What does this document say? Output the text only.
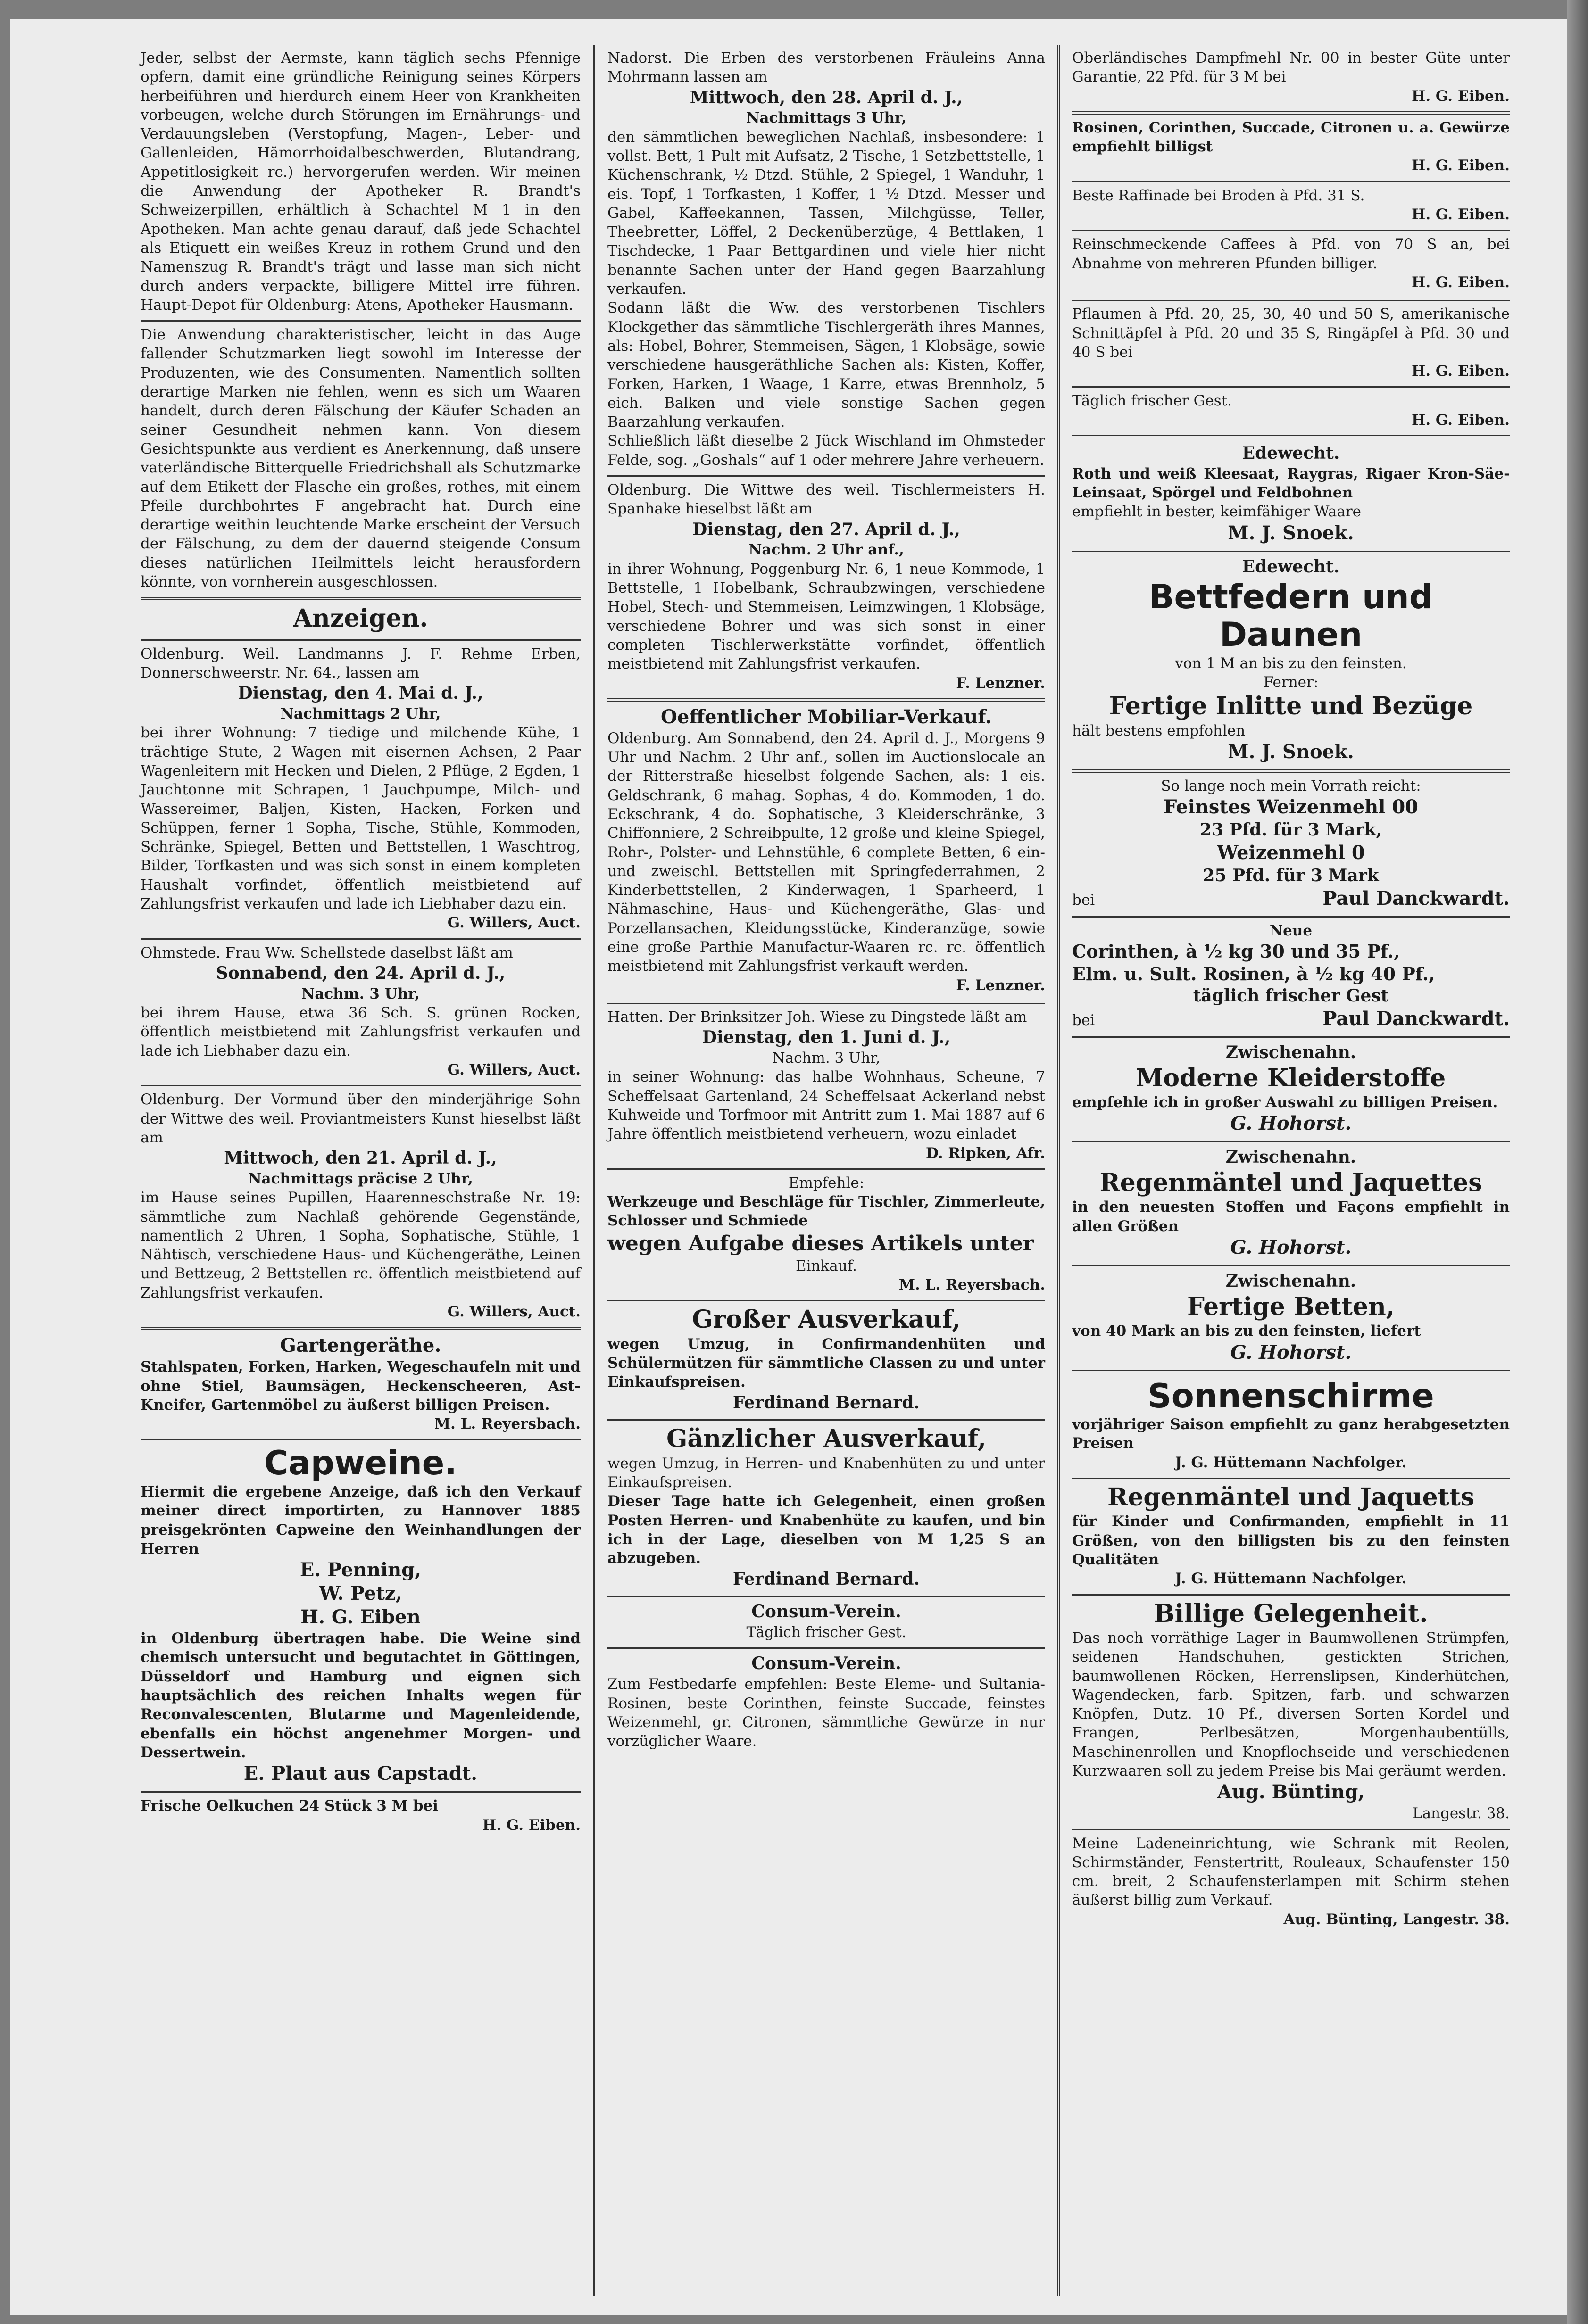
Jeder, selbst der Aermste, kann täglich sechs Pfennige opfern, damit eine gründliche Reinigung seines Körpers herbeiführen und hierdurch einem Heer von Krankheiten vorbeugen, welche durch Störungen im Ernährungs- und Verdauungsleben (Verstopfung, Magen-, Leber- und Gallenleiden, Hämorrhoidalbeschwerden, Blutandrang, Appetitlosigkeit rc.) hervorgerufen werden. Wir meinen die Anwendung der Apotheker R. Brandt's Schweizerpillen, erhältlich à Schachtel M 1 in den Apotheken. Man achte genau darauf, daß jede Schachtel als Etiquett ein weißes Kreuz in rothem Grund und den Namenszug R. Brandt's trägt und lasse man sich nicht durch anders verpackte, billigere Mittel irre führen. Haupt-Depot für Oldenburg: Atens, Apotheker Hausmann.

Die Anwendung charakteristischer, leicht in das Auge fallender Schutzmarken liegt sowohl im Interesse der Produzenten, wie des Consumenten. Namentlich sollten derartige Marken nie fehlen, wenn es sich um Waaren handelt, durch deren Fälschung der Käufer Schaden an seiner Gesundheit nehmen kann. Von diesem Gesichtspunkte aus verdient es Anerkennung, daß unsere vaterländische Bitterquelle Friedrichshall als Schutzmarke auf dem Etikett der Flasche ein großes, rothes, mit einem Pfeile durchbohrtes F angebracht hat. Durch eine derartige weithin leuchtende Marke erscheint der Versuch der Fälschung, zu dem der dauernd steigende Consum dieses natürlichen Heilmittels leicht herausfordern könnte, von vornherein ausgeschlossen.

Anzeigen.

Oldenburg. Weil. Landmanns J. F. Rehme Erben, Donnerschweerstr. Nr. 64., lassen am

Dienstag, den 4. Mai d. J.,
Nachmittags 2 Uhr,

bei ihrer Wohnung: 7 tiedige und milchende Kühe, 1 trächtige Stute, 2 Wagen mit eisernen Achsen, 2 Paar Wagenleitern mit Hecken und Dielen, 2 Pflüge, 2 Egden, 1 Jauchtonne mit Schrapen, 1 Jauchpumpe, Milch- und Wassereimer, Baljen, Kisten, Hacken, Forken und Schüppen, ferner 1 Sopha, Tische, Stühle, Kommoden, Schränke, Spiegel, Betten und Bettstellen, 1 Waschtrog, Bilder, Torfkasten und was sich sonst in einem kompleten Haushalt vorfindet, öffentlich meistbietend auf Zahlungsfrist verkaufen und lade ich Liebhaber dazu ein.

G. Willers, Auct.

Ohmstede. Frau Ww. Schellstede daselbst läßt am

Sonnabend, den 24. April d. J.,
Nachm. 3 Uhr,

bei ihrem Hause, etwa 36 Sch. S. grünen Rocken, öffentlich meistbietend mit Zahlungsfrist verkaufen und lade ich Liebhaber dazu ein.

G. Willers, Auct.

Oldenburg. Der Vormund über den minderjährige Sohn der Wittwe des weil. Proviantmeisters Kunst hieselbst läßt am

Mittwoch, den 21. April d. J.,
Nachmittags präcise 2 Uhr,

im Hause seines Pupillen, Haarenneschstraße Nr. 19: sämmtliche zum Nachlaß gehörende Gegenstände, namentlich 2 Uhren, 1 Sopha, Sophatische, Stühle, 1 Nähtisch, verschiedene Haus- und Küchengeräthe, Leinen und Bettzeug, 2 Bettstellen rc. öffentlich meistbietend auf Zahlungsfrist verkaufen.

G. Willers, Auct.
Gartengeräthe.

Stahlspaten, Forken, Harken, Wegeschaufeln mit und ohne Stiel, Baumsägen, Heckenscheeren, Ast-Kneifer, Gartenmöbel zu äußerst billigen Preisen.

M. L. Reyersbach.
Capweine.

Hiermit die ergebene Anzeige, daß ich den Verkauf meiner direct importirten, zu Hannover 1885 preisgekrönten Capweine den Weinhandlungen der Herren

E. Penning,
W. Petz,
H. G. Eiben

in Oldenburg übertragen habe. Die Weine sind chemisch untersucht und begutachtet in Göttingen, Düsseldorf und Hamburg und eignen sich hauptsächlich des reichen Inhalts wegen für Reconvalescenten, Blutarme und Magenleidende, ebenfalls ein höchst angenehmer Morgen- und Dessertwein.

E. Plaut aus Capstadt.

Frische Oelkuchen 24 Stück 3 M bei

H. G. Eiben.

Nadorst. Die Erben des verstorbenen Fräuleins Anna Mohrmann lassen am

Mittwoch, den 28. April d. J.,
Nachmittags 3 Uhr,

den sämmtlichen beweglichen Nachlaß, insbesondere: 1 vollst. Bett, 1 Pult mit Aufsatz, 2 Tische, 1 Setzbettstelle, 1 Küchenschrank, ½ Dtzd. Stühle, 2 Spiegel, 1 Wanduhr, 1 eis. Topf, 1 Torfkasten, 1 Koffer, 1 ½ Dtzd. Messer und Gabel, Kaffeekannen, Tassen, Milchgüsse, Teller, Theebretter, Löffel, 2 Deckenüberzüge, 4 Bettlaken, 1 Tischdecke, 1 Paar Bettgardinen und viele hier nicht benannte Sachen unter der Hand gegen Baarzahlung verkaufen.

Sodann läßt die Ww. des verstorbenen Tischlers Klockgether das sämmtliche Tischlergeräth ihres Mannes, als: Hobel, Bohrer, Stemmeisen, Sägen, 1 Klobsäge, sowie verschiedene hausgeräthliche Sachen als: Kisten, Koffer, Forken, Harken, 1 Waage, 1 Karre, etwas Brennholz, 5 eich. Balken und viele sonstige Sachen gegen Baarzahlung verkaufen.

Schließlich läßt dieselbe 2 Jück Wischland im Ohmsteder Felde, sog. „Goshals“ auf 1 oder mehrere Jahre verheuern.

Oldenburg. Die Wittwe des weil. Tischlermeisters H. Spanhake hieselbst läßt am

Dienstag, den 27. April d. J.,
Nachm. 2 Uhr anf.,

in ihrer Wohnung, Poggenburg Nr. 6, 1 neue Kommode, 1 Bettstelle, 1 Hobelbank, Schraubzwingen, verschiedene Hobel, Stech- und Stemmeisen, Leimzwingen, 1 Klobsäge, verschiedene Bohrer und was sich sonst in einer completen Tischlerwerkstätte vorfindet, öffentlich meistbietend mit Zahlungsfrist verkaufen.

F. Lenzner.
Oeffentlicher Mobiliar-Verkauf.

Oldenburg. Am Sonnabend, den 24. April d. J., Morgens 9 Uhr und Nachm. 2 Uhr anf., sollen im Auctionslocale an der Ritterstraße hieselbst folgende Sachen, als: 1 eis. Geldschrank, 6 mahag. Sophas, 4 do. Kommoden, 1 do. Eckschrank, 4 do. Sophatische, 3 Kleiderschränke, 3 Chiffonniere, 2 Schreibpulte, 12 große und kleine Spiegel, Rohr-, Polster- und Lehnstühle, 6 complete Betten, 6 ein- und zweischl. Bettstellen mit Springfederrahmen, 2 Kinderbettstellen, 2 Kinderwagen, 1 Sparheerd, 1 Nähmaschine, Haus- und Küchengeräthe, Glas- und Porzellansachen, Kleidungsstücke, Kinderanzüge, sowie eine große Parthie Manufactur-Waaren rc. rc. öffentlich meistbietend mit Zahlungsfrist verkauft werden.

F. Lenzner.

Hatten. Der Brinksitzer Joh. Wiese zu Dingstede läßt am

Dienstag, den 1. Juni d. J.,
Nachm. 3 Uhr,

in seiner Wohnung: das halbe Wohnhaus, Scheune, 7 Scheffelsaat Gartenland, 24 Scheffelsaat Ackerland nebst Kuhweide und Torfmoor mit Antritt zum 1. Mai 1887 auf 6 Jahre öffentlich meistbietend verheuern, wozu einladet

D. Ripken, Afr.
Empfehle:

Werkzeuge und Beschläge für Tischler, Zimmerleute, Schlosser und Schmiede

wegen Aufgabe dieses Artikels unter
Einkauf.
M. L. Reyersbach.
Großer Ausverkauf,

wegen Umzug, in Confirmandenhüten und Schülermützen für sämmtliche Classen zu und unter Einkaufspreisen.

Ferdinand Bernard.
Gänzlicher Ausverkauf,

wegen Umzug, in Herren- und Knabenhüten zu und unter Einkaufspreisen.

Dieser Tage hatte ich Gelegenheit, einen großen Posten Herren- und Knabenhüte zu kaufen, und bin ich in der Lage, dieselben von M 1,25 S an abzugeben.

Ferdinand Bernard.
Consum-Verein.
Täglich frischer Gest.
Consum-Verein.

Zum Festbedarfe empfehlen: Beste Eleme- und Sultania-Rosinen, beste Corinthen, feinste Succade, feinstes Weizenmehl, gr. Citronen, sämmtliche Gewürze in nur vorzüglicher Waare.

Oberländisches Dampfmehl Nr. 00 in bester Güte unter Garantie, 22 Pfd. für 3 M bei

H. G. Eiben.

Rosinen, Corinthen, Succade, Citronen u. a. Gewürze empfiehlt billigst

H. G. Eiben.

Beste Raffinade bei Broden à Pfd. 31 S.

H. G. Eiben.

Reinschmeckende Caffees à Pfd. von 70 S an, bei Abnahme von mehreren Pfunden billiger.

H. G. Eiben.

Pflaumen à Pfd. 20, 25, 30, 40 und 50 S, amerikanische Schnittäpfel à Pfd. 20 und 35 S, Ringäpfel à Pfd. 30 und 40 S bei

H. G. Eiben.

Täglich frischer Gest.

H. G. Eiben.
Edewecht.

Roth und weiß Kleesaat, Raygras, Rigaer Kron-Säe-Leinsaat, Spörgel und Feldbohnen

empfiehlt in bester, keimfähiger Waare

M. J. Snoek.
Edewecht.
Bettfedern und Daunen
von 1 M an bis zu den feinsten.
Ferner:
Fertige Inlitte und Bezüge

hält bestens empfohlen

M. J. Snoek.
So lange noch mein Vorrath reicht:
Feinstes Weizenmehl 00
23 Pfd. für 3 Mark,
Weizenmehl 0
25 Pfd. für 3 Mark
bei	Paul Danckwardt.
Neue
Corinthen, à ½ kg 30 und 35 Pf.,
Elm. u. Sult. Rosinen, à ½ kg 40 Pf.,
täglich frischer Gest
bei	Paul Danckwardt.
Zwischenahn.
Moderne Kleiderstoffe

empfehle ich in großer Auswahl zu billigen Preisen.

G. Hohorst.
Zwischenahn.
Regenmäntel und Jaquettes

in den neuesten Stoffen und Façons empfiehlt in allen Größen

G. Hohorst.
Zwischenahn.
Fertige Betten,

von 40 Mark an bis zu den feinsten, liefert

G. Hohorst.
Sonnenschirme

vorjähriger Saison empfiehlt zu ganz herabgesetzten Preisen

J. G. Hüttemann Nachfolger.
Regenmäntel und Jaquetts

für Kinder und Confirmanden, empfiehlt in 11 Größen, von den billigsten bis zu den feinsten Qualitäten

J. G. Hüttemann Nachfolger.
Billige Gelegenheit.

Das noch vorräthige Lager in Baumwollenen Strümpfen, seidenen Handschuhen, gestickten Strichen, baumwollenen Röcken, Herrenslipsen, Kinderhütchen, Wagendecken, farb. Spitzen, farb. und schwarzen Knöpfen, Dutz. 10 Pf., diversen Sorten Kordel und Frangen, Perlbesätzen, Morgenhaubentülls, Maschinenrollen und Knopflochseide und verschiedenen Kurzwaaren soll zu jedem Preise bis Mai geräumt werden.

Aug. Bünting,
Langestr. 38.

Meine Ladeneinrichtung, wie Schrank mit Reolen, Schirmständer, Fenstertritt, Rouleaux, Schaufenster 150 cm. breit, 2 Schaufensterlampen mit Schirm stehen äußerst billig zum Verkauf.

Aug. Bünting, Langestr. 38.
